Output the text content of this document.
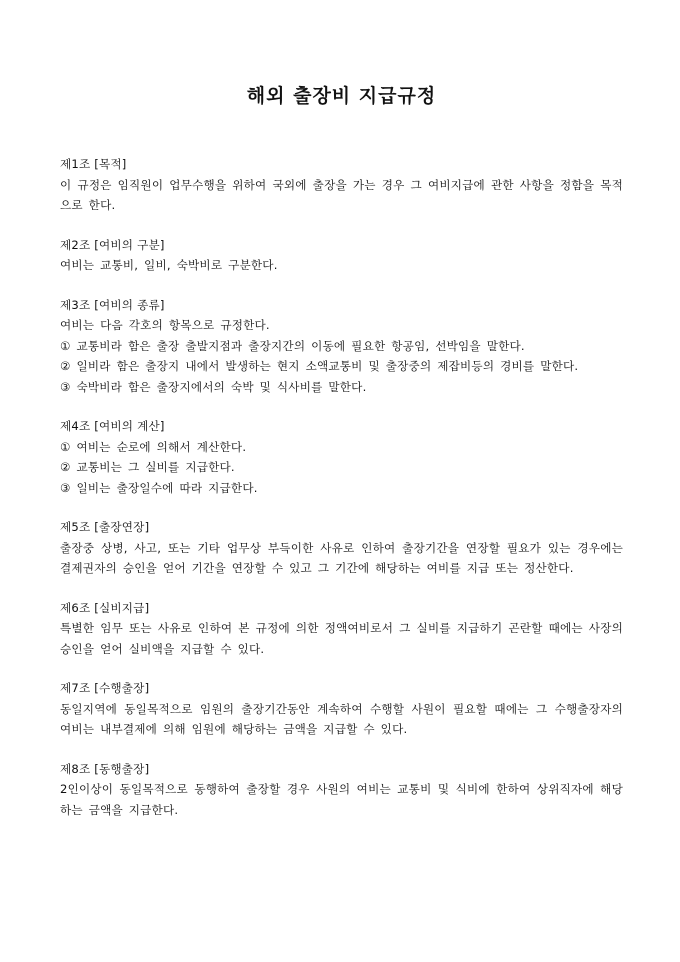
해외 출장비 지급규정
제1조 [목적]
이 규정은 임직원이 업무수행을 위하여 국외에 출장을 가는 경우 그 여비지급에 관한 사항을 정함을 목적으로 한다.
제2조 [여비의 구분]
여비는 교통비, 일비, 숙박비로 구분한다.
제3조 [여비의 종류]
여비는 다음 각호의 항목으로 규정한다.
① 교통비라 함은 출장 출발지점과 출장지간의 이동에 필요한 항공임, 선박임을 말한다.
② 일비라 함은 출장지 내에서 발생하는 현지 소액교통비 및 출장중의 제잡비등의 경비를 말한다.
③ 숙박비라 함은 출장지에서의 숙박 및 식사비를 말한다.
제4조 [여비의 계산]
① 여비는 순로에 의해서 계산한다.
② 교통비는 그 실비를 지급한다.
③ 일비는 출장일수에 따라 지급한다.
제5조 [출장연장]
출장중 상병, 사고, 또는 기타 업무상 부득이한 사유로 인하여 출장기간을 연장할 필요가 있는 경우에는 결제권자의 승인을 얻어 기간을 연장할 수 있고 그 기간에 해당하는 여비를 지급 또는 정산한다.
제6조 [실비지급]
특별한 임무 또는 사유로 인하여 본 규정에 의한 정액여비로서 그 실비를 지급하기 곤란할 때에는 사장의 승인을 얻어 실비액을 지급할 수 있다.
제7조 [수행출장]
동일지역에 동일목적으로 임원의 출장기간동안 계속하여 수행할 사원이 필요할 때에는 그 수행출장자의 여비는 내부결제에 의해 임원에 해당하는 금액을 지급할 수 있다.
제8조 [동행출장]
2인이상이 동일목적으로 동행하여 출장할 경우 사원의 여비는 교통비 및 식비에 한하여 상위직자에 해당하는 금액을 지급한다.
